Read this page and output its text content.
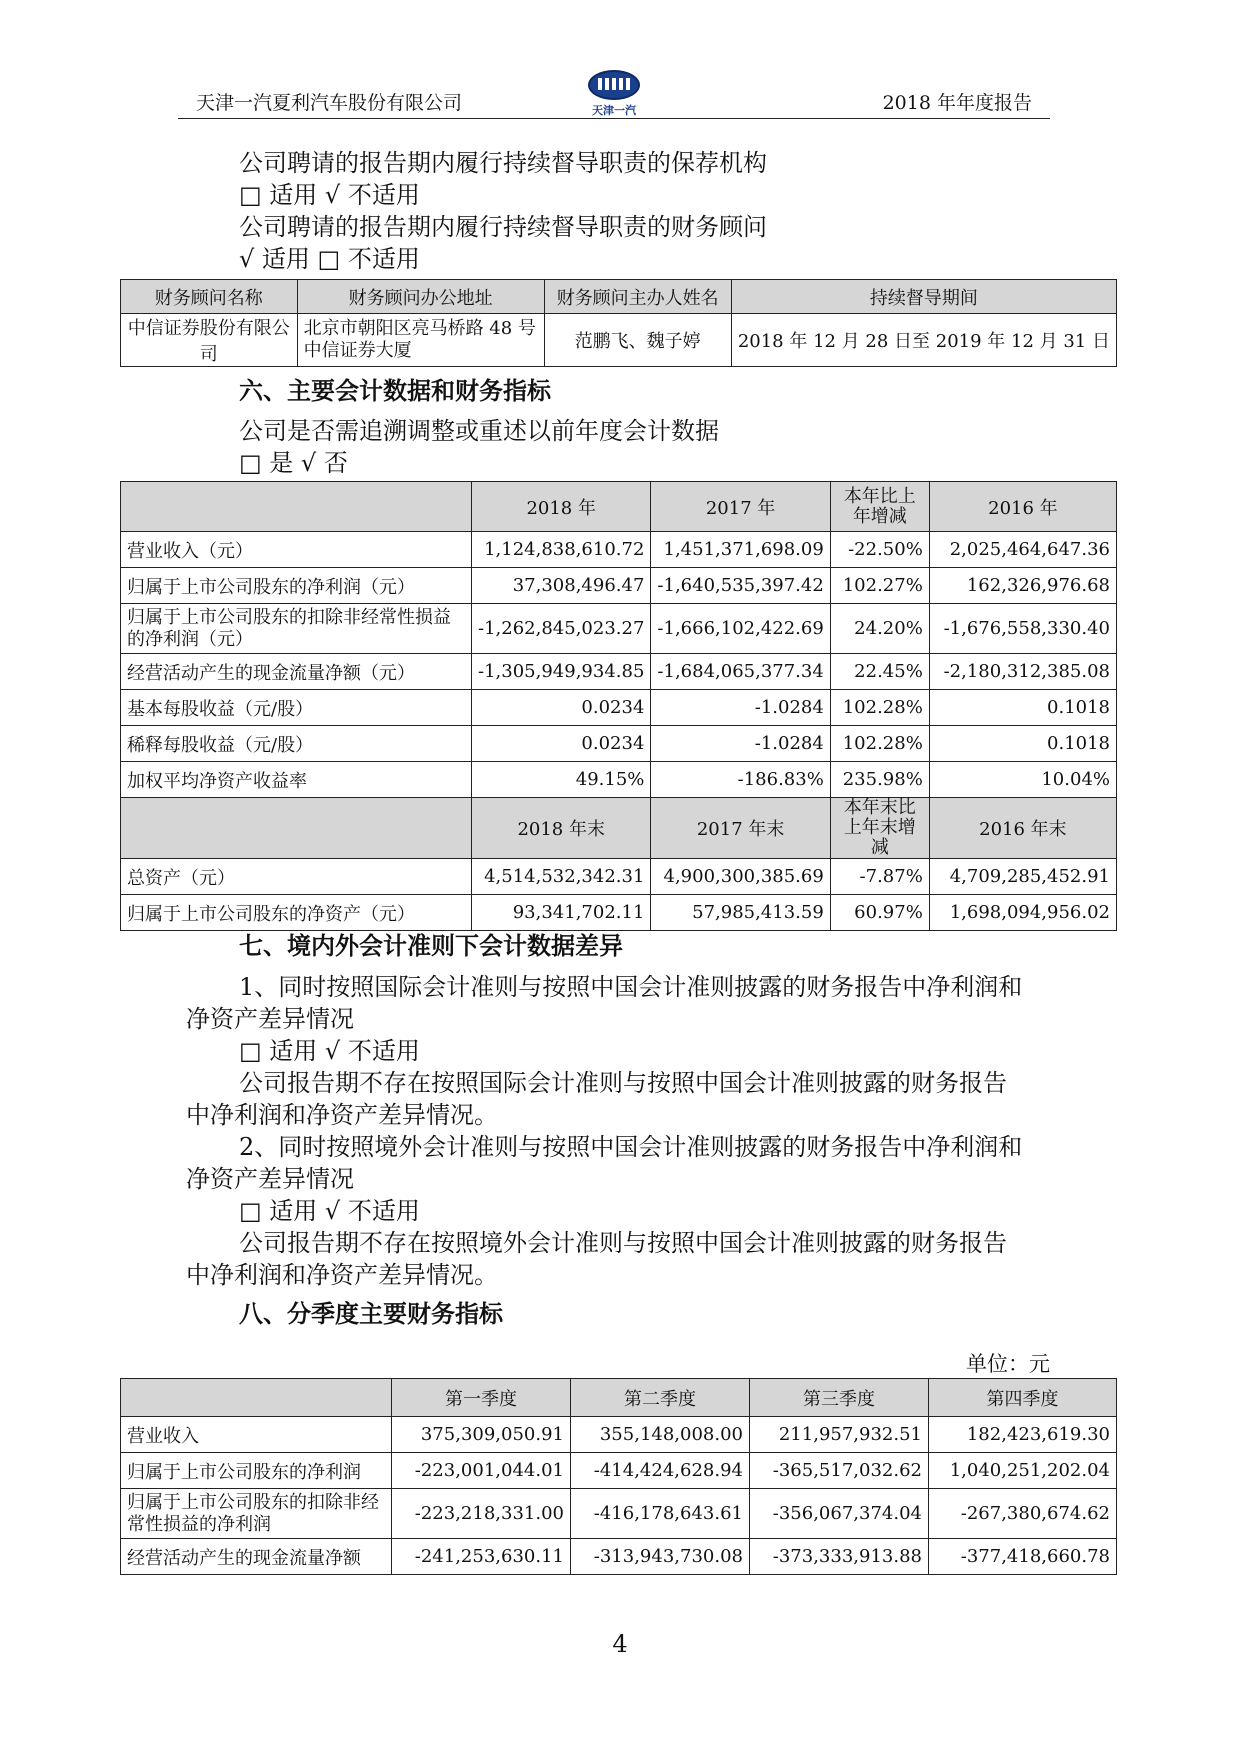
天津一汽夏利汽车股份有限公司	天津一汽	2018 年年度报告
公司聘请的报告期内履行持续督导职责的保荐机构
□ 适用 √ 不适用
公司聘请的报告期内履行持续督导职责的财务顾问
√ 适用 □ 不适用
财务顾问名称	财务顾问办公地址	财务顾问主办人姓名	持续督导期间
中信证券股份有限公司	北京市朝阳区亮马桥路 48 号中信证券大厦	范鹏飞、魏子婷	2018 年 12 月 28 日至 2019 年 12 月 31 日
六、主要会计数据和财务指标
公司是否需追溯调整或重述以前年度会计数据
□ 是 √ 否
	2018 年	2017 年	本年比上年增减	2016 年
营业收入（元）	1,124,838,610.72	1,451,371,698.09	-22.50%	2,025,464,647.36
归属于上市公司股东的净利润（元）	37,308,496.47	-1,640,535,397.42	102.27%	162,326,976.68
归属于上市公司股东的扣除非经常性损益的净利润（元）	-1,262,845,023.27	-1,666,102,422.69	24.20%	-1,676,558,330.40
经营活动产生的现金流量净额（元）	-1,305,949,934.85	-1,684,065,377.34	22.45%	-2,180,312,385.08
基本每股收益（元/股）	0.0234	-1.0284	102.28%	0.1018
稀释每股收益（元/股）	0.0234	-1.0284	102.28%	0.1018
加权平均净资产收益率	49.15%	-186.83%	235.98%	10.04%
	2018 年末	2017 年末	本年末比上年末增减	2016 年末
总资产（元）	4,514,532,342.31	4,900,300,385.69	-7.87%	4,709,285,452.91
归属于上市公司股东的净资产（元）	93,341,702.11	57,985,413.59	60.97%	1,698,094,956.02
七、境内外会计准则下会计数据差异
1、同时按照国际会计准则与按照中国会计准则披露的财务报告中净利润和
净资产差异情况
□ 适用 √ 不适用
公司报告期不存在按照国际会计准则与按照中国会计准则披露的财务报告
中净利润和净资产差异情况。
2、同时按照境外会计准则与按照中国会计准则披露的财务报告中净利润和
净资产差异情况
□ 适用 √ 不适用
公司报告期不存在按照境外会计准则与按照中国会计准则披露的财务报告
中净利润和净资产差异情况。
八、分季度主要财务指标
单位：元
	第一季度	第二季度	第三季度	第四季度
营业收入	375,309,050.91	355,148,008.00	211,957,932.51	182,423,619.30
归属于上市公司股东的净利润	-223,001,044.01	-414,424,628.94	-365,517,032.62	1,040,251,202.04
归属于上市公司股东的扣除非经常性损益的净利润	-223,218,331.00	-416,178,643.61	-356,067,374.04	-267,380,674.62
经营活动产生的现金流量净额	-241,253,630.11	-313,943,730.08	-373,333,913.88	-377,418,660.78
4
